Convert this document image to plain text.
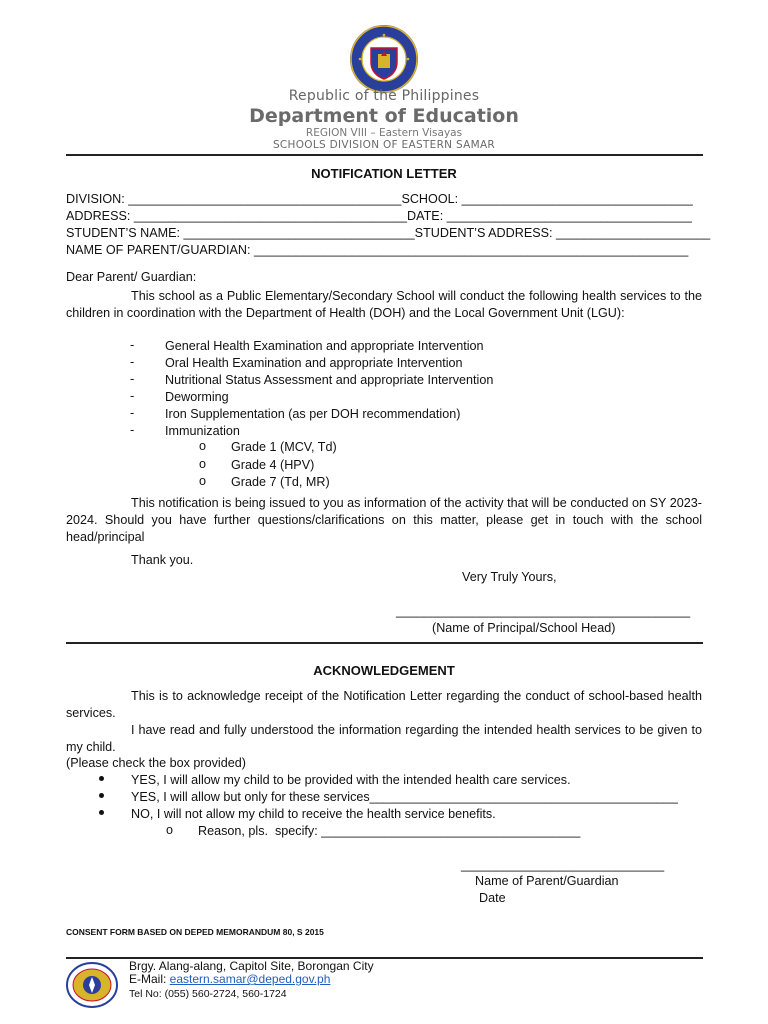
Republic of the Philippines
Department of Education
REGION VIII – Eastern Visayas
SCHOOLS DIVISION OF EASTERN SAMAR
NOTIFICATION LETTER
DIVISION: _______________________________________SCHOOL: _________________________________
ADDRESS: _______________________________________DATE: ___________________________________
STUDENT’S NAME: _________________________________STUDENT’S ADDRESS: ______________________
NAME OF PARENT/GUARDIAN: ______________________________________________________________
Dear Parent/ Guardian:
This school as a Public Elementary/Secondary School will conduct the following health services to the children in coordination with the Department of Health (DOH) and the Local Government Unit (LGU):
- General Health Examination and appropriate Intervention
- Oral Health Examination and appropriate Intervention
- Nutritional Status Assessment and appropriate Intervention
- Deworming
- Iron Supplementation (as per DOH recommendation)
- Immunization
o Grade 1 (MCV, Td)
o Grade 4 (HPV)
o Grade 7 (Td, MR)
This notification is being issued to you as information of the activity that will be conducted on SY 2023-2024. Should you have further questions/clarifications on this matter, please get in touch with the school head/principal
Thank you.
Very Truly Yours,
__________________________________________
(Name of Principal/School Head)
ACKNOWLEDGEMENT
This is to acknowledge receipt of the Notification Letter regarding the conduct of school-based health services.
I have read and fully understood the information regarding the intended health services to be given to my child.
(Please check the box provided)
YES, I will allow my child to be provided with the intended health care services.
YES, I will allow but only for these services____________________________________________
NO, I will not allow my child to receive the health service benefits.
o Reason, pls.  specify: _____________________________________
_____________________________
Name of Parent/Guardian
Date
CONSENT FORM BASED ON DEPED MEMORANDUM 80, S 2015
Brgy. Alang-alang, Capitol Site, Borongan City
E-Mail: eastern.samar@deped.gov.ph
Tel No: (055) 560-2724, 560-1724
